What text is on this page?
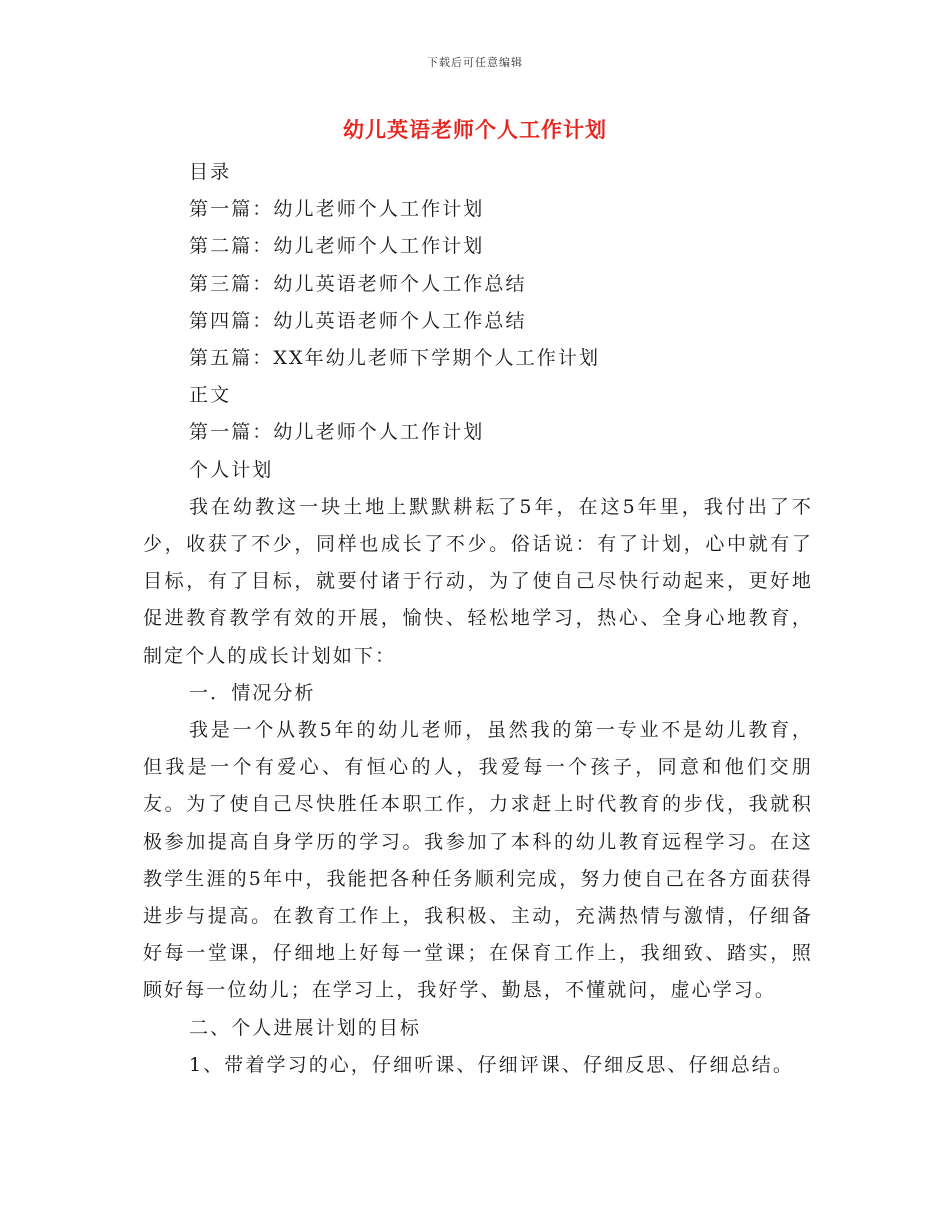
下载后可任意编辑
幼儿英语老师个人工作计划

目录

第一篇：幼儿老师个人工作计划

第二篇：幼儿老师个人工作计划

第三篇：幼儿英语老师个人工作总结

第四篇：幼儿英语老师个人工作总结

第五篇：XX年幼儿老师下学期个人工作计划

正文

第一篇：幼儿老师个人工作计划

个人计划

我在幼教这一块土地上默默耕耘了5年，在这5年里，我付出了不少，收获了不少，同样也成长了不少。俗话说：有了计划，心中就有了目标，有了目标，就要付诸于行动，为了使自己尽快行动起来，更好地促进教育教学有效的开展，愉快、轻松地学习，热心、全身心地教育，制定个人的成长计划如下：

一．情况分析

我是一个从教5年的幼儿老师，虽然我的第一专业不是幼儿教育，但我是一个有爱心、有恒心的人，我爱每一个孩子，同意和他们交朋友。为了使自己尽快胜任本职工作，力求赶上时代教育的步伐，我就积极参加提高自身学历的学习。我参加了本科的幼儿教育远程学习。在这教学生涯的5年中，我能把各种任务顺利完成，努力使自己在各方面获得进步与提高。在教育工作上，我积极、主动，充满热情与激情，仔细备好每一堂课，仔细地上好每一堂课；在保育工作上，我细致、踏实，照顾好每一位幼儿；在学习上，我好学、勤恳，不懂就问，虚心学习。

二、个人进展计划的目标

1、带着学习的心，仔细听课、仔细评课、仔细反思、仔细总结。
